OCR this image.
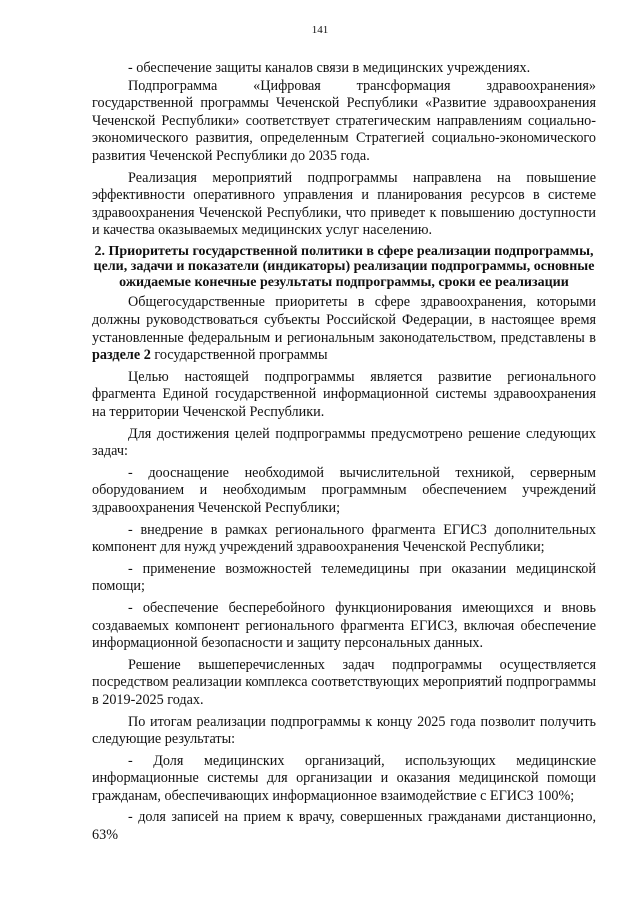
141

- обеспечение защиты каналов связи в медицинских учреждениях.

Подпрограмма «Цифровая трансформация здравоохранения» государственной программы Чеченской Республики «Развитие здравоохранения Чеченской Республики» соответствует стратегическим направлениям социально-экономического развития, определенным Стратегией социально-экономического развития Чеченской Республики до 2035 года.

Реализация мероприятий подпрограммы направлена на повышение эффективности оперативного управления и планирования ресурсов в системе здравоохранения Чеченской Республики, что приведет к повышению доступности и качества оказываемых медицинских услуг населению.

2. Приоритеты государственной политики в сфере реализации подпрограммы, цели, задачи и показатели (индикаторы) реализации подпрограммы, основные ожидаемые конечные результаты подпрограммы, сроки ее реализации

Общегосударственные приоритеты в сфере здравоохранения, которыми должны руководствоваться субъекты Российской Федерации, в настоящее время установленные федеральным и региональным законодательством, представлены в разделе 2 государственной программы

Целью настоящей подпрограммы является развитие регионального фрагмента Единой государственной информационной системы здравоохранения на территории Чеченской Республики.

Для достижения целей подпрограммы предусмотрено решение следующих задач:

- дооснащение необходимой вычислительной техникой, серверным оборудованием и необходимым программным обеспечением учреждений здравоохранения Чеченской Республики;

- внедрение в рамках регионального фрагмента ЕГИСЗ дополнительных компонент для нужд учреждений здравоохранения Чеченской Республики;

- применение возможностей телемедицины при оказании медицинской помощи;

- обеспечение бесперебойного функционирования имеющихся и вновь создаваемых компонент регионального фрагмента ЕГИСЗ, включая обеспечение информационной безопасности и защиту персональных данных.

Решение вышеперечисленных задач подпрограммы осуществляется посредством реализации комплекса соответствующих мероприятий подпрограммы в 2019-2025 годах.

По итогам реализации подпрограммы к концу 2025 года позволит получить следующие результаты:

- Доля медицинских организаций, использующих медицинские информационные системы для организации и оказания медицинской помощи гражданам, обеспечивающих информационное взаимодействие с ЕГИСЗ 100%;

- доля записей на прием к врачу, совершенных гражданами дистанционно, 63%
